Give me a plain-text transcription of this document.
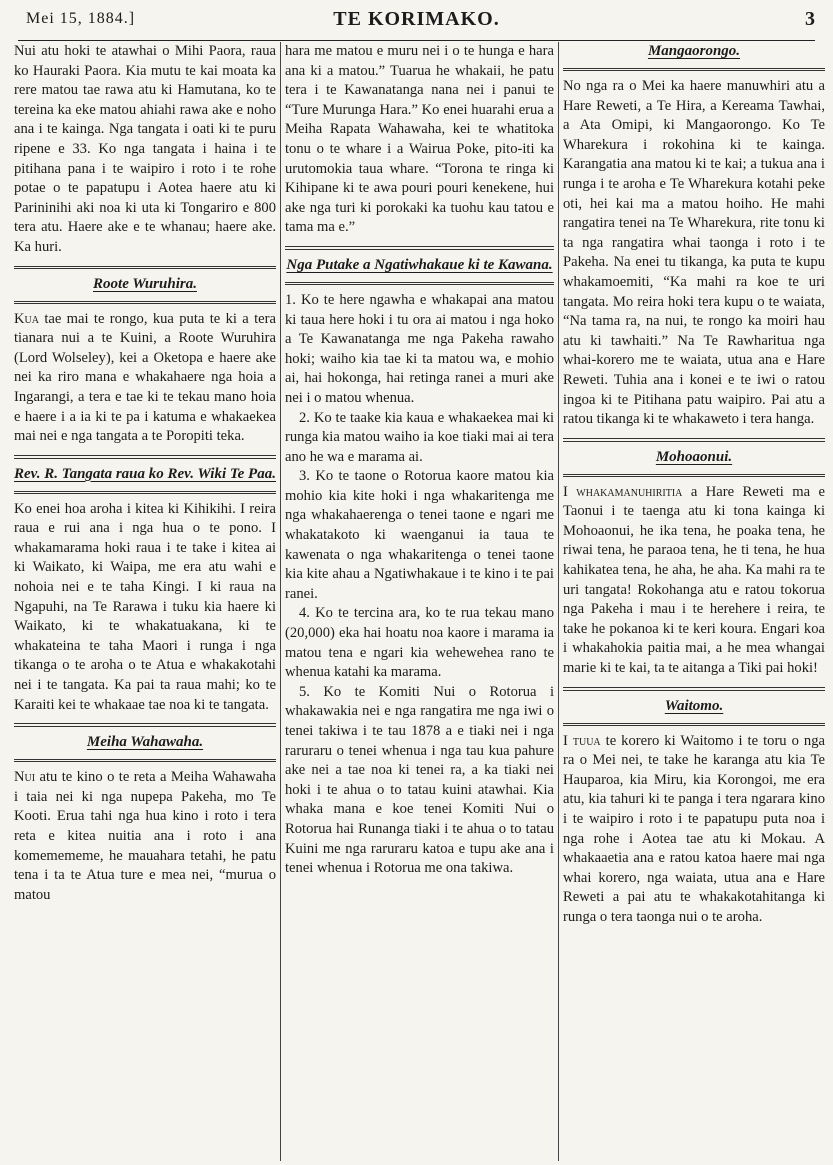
Mei 15, 1884.]	TE KORIMAKO.	3

Nui atu hoki te atawhai o Mihi Paora, raua ko Hauraki Paora. Kia mutu te kai moata ka rere matou tae rawa atu ki Hamutana, ko te tereina ka eke matou ahiahi rawa ake e noho ana i te kainga. Nga tangata i oati ki te puru ripene e 33. Ko nga tangata i haina i te pitihana pana i te waipiro i roto i te rohe potae o te papatupu i Aotea haere atu ki Parininihi aki noa ki uta ki Tongariro e 800 tera atu. Haere ake e te whanau; haere ake. Ka huri.

Roote Wuruhira.

Kua tae mai te rongo, kua puta te ki a tera tianara nui a te Kuini, a Roote Wuruhira (Lord Wolseley), kei a Oketopa e haere ake nei ka riro mana e whakahaere nga hoia a Ingarangi, a tera e tae ki te tekau mano hoia e haere i a ia ki te pa i katuma e whakaekea mai nei e nga tangata a te Poropiti teka.

Rev. R. Tangata raua ko Rev. Wiki Te Paa.

Ko enei hoa aroha i kitea ki Kihikihi. I reira raua e rui ana i nga hua o te pono. I whakamarama hoki raua i te take i kitea ai ki Waikato, ki Waipa, me era atu wahi e nohoia nei e te taha Kingi. I ki raua na Ngapuhi, na Te Rarawa i tuku kia haere ki Waikato, ki te whakatuakana, ki te whakateina te taha Maori i runga i nga tikanga o te aroha o te Atua e whakakotahi nei i te tangata. Ka pai ta raua mahi; ko te Karaiti kei te whakaae tae noa ki te tangata.

Meiha Wahawaha.

Nui atu te kino o te reta a Meiha Wahawaha i taia nei ki nga nupepa Pakeha, mo Te Kooti. Erua tahi nga hua kino i roto i tera reta e kitea nuitia ana i roto i ana komemememe, he mauahara tetahi, he patu tena i ta te Atua ture e mea nei, “murua o matou

hara me matou e muru nei i o te hunga e hara ana ki a matou.” Tuarua he whakaii, he patu tera i te Kawanatanga nana nei i panui te “Ture Murunga Hara.” Ko enei huarahi erua a Meiha Rapata Wahawaha, kei te whatitoka tonu o te whare i a Wairua Poke, pito-iti ka urutomokia taua whare. “Torona te ringa ki Kihipane ki te awa pouri pouri kenekene, hui ake nga turi ki porokaki ka tuohu kau tatou e tama ma e.”

Nga Putake a Ngatiwhakaue ki te Kawana.

1. Ko te here ngawha e whakapai ana matou ki taua here hoki i tu ora ai matou i nga hoko a Te Kawanatanga me nga Pakeha rawaho hoki; waiho kia tae ki ta matou wa, e mohio ai, hai hokonga, hai retinga ranei a muri ake nei i o matou whenua.

2. Ko te taake kia kaua e whakaekea mai ki runga kia matou waiho ia koe tiaki mai ai tera ano he wa e marama ai.

3. Ko te taone o Rotorua kaore matou kia mohio kia kite hoki i nga whakaritenga me nga whakahaerenga o tenei taone e ngari me whakatakoto ki waenganui ia taua te kawenata o nga whakaritenga o tenei taone kia kite ahau a Ngatiwhakaue i te kino i te pai ranei.

4. Ko te tercina ara, ko te rua tekau mano (20,000) eka hai hoatu noa kaore i marama ia matou tena e ngari kia wehewehea rano te whenua katahi ka marama.

5. Ko te Komiti Nui o Rotorua i whakawakia nei e nga rangatira me nga iwi o tenei takiwa i te tau 1878 a e tiaki nei i nga raruraru o tenei whenua i nga tau kua pahure ake nei a tae noa ki tenei ra, a ka tiaki nei hoki i te ahua o to tatau kuini atawhai. Kia whaka mana e koe tenei Komiti Nui o Rotorua hai Runanga tiaki i te ahua o to tatau Kuini me nga raruraru katoa e tupu ake ana i tenei whenua i Rotorua me ona takiwa.

Mangaorongo.

No nga ra o Mei ka haere manuwhiri atu a Hare Reweti, a Te Hira, a Kereama Tawhai, a Ata Omipi, ki Mangaorongo. Ko Te Wharekura i rokohina ki te kainga. Karangatia ana matou ki te kai; a tukua ana i runga i te aroha e Te Wharekura kotahi peke oti, hei kai ma a matou hoiho. He mahi rangatira tenei na Te Wharekura, rite tonu ki ta nga rangatira whai taonga i roto i te Pakeha. Na enei tu tikanga, ka puta te kupu whakamoemiti, “Ka mahi ra koe te uri tangata. Mo reira hoki tera kupu o te waiata, “Na tama ra, na nui, te rongo ka moiri hau atu ki tawhaiti.” Na Te Rawharitua nga whai-korero me te waiata, utua ana e Hare Reweti. Tuhia ana i konei e te iwi o ratou ingoa ki te Pitihana patu waipiro. Pai atu a ratou tikanga ki te whakaweto i tera hanga.

Mohoaonui.

I whakamanuhiritia a Hare Reweti ma e Taonui i te taenga atu ki tona kainga ki Mohoaonui, he ika tena, he poaka tena, he riwai tena, he paraoa tena, he ti tena, he hua kahikatea tena, he aha, he aha. Ka mahi ra te uri tangata! Rokohanga atu e ratou tokorua nga Pakeha i mau i te herehere i reira, te take he pokanoa ki te keri koura. Engari koa i whakahokia paitia mai, a he mea whangai marie ki te kai, ta te aitanga a Tiki pai hoki!

Waitomo.

I tuua te korero ki Waitomo i te toru o nga ra o Mei nei, te take he karanga atu kia Te Hauparoa, kia Miru, kia Korongoi, me era atu, kia tahuri ki te panga i tera ngarara kino i te waipiro i roto i te papatupu puta noa i nga rohe i Aotea tae atu ki Mokau. A whakaaetia ana e ratou katoa haere mai nga whai korero, nga waiata, utua ana e Hare Reweti a pai atu te whakakotahitanga ki runga o tera taonga nui o te aroha.
